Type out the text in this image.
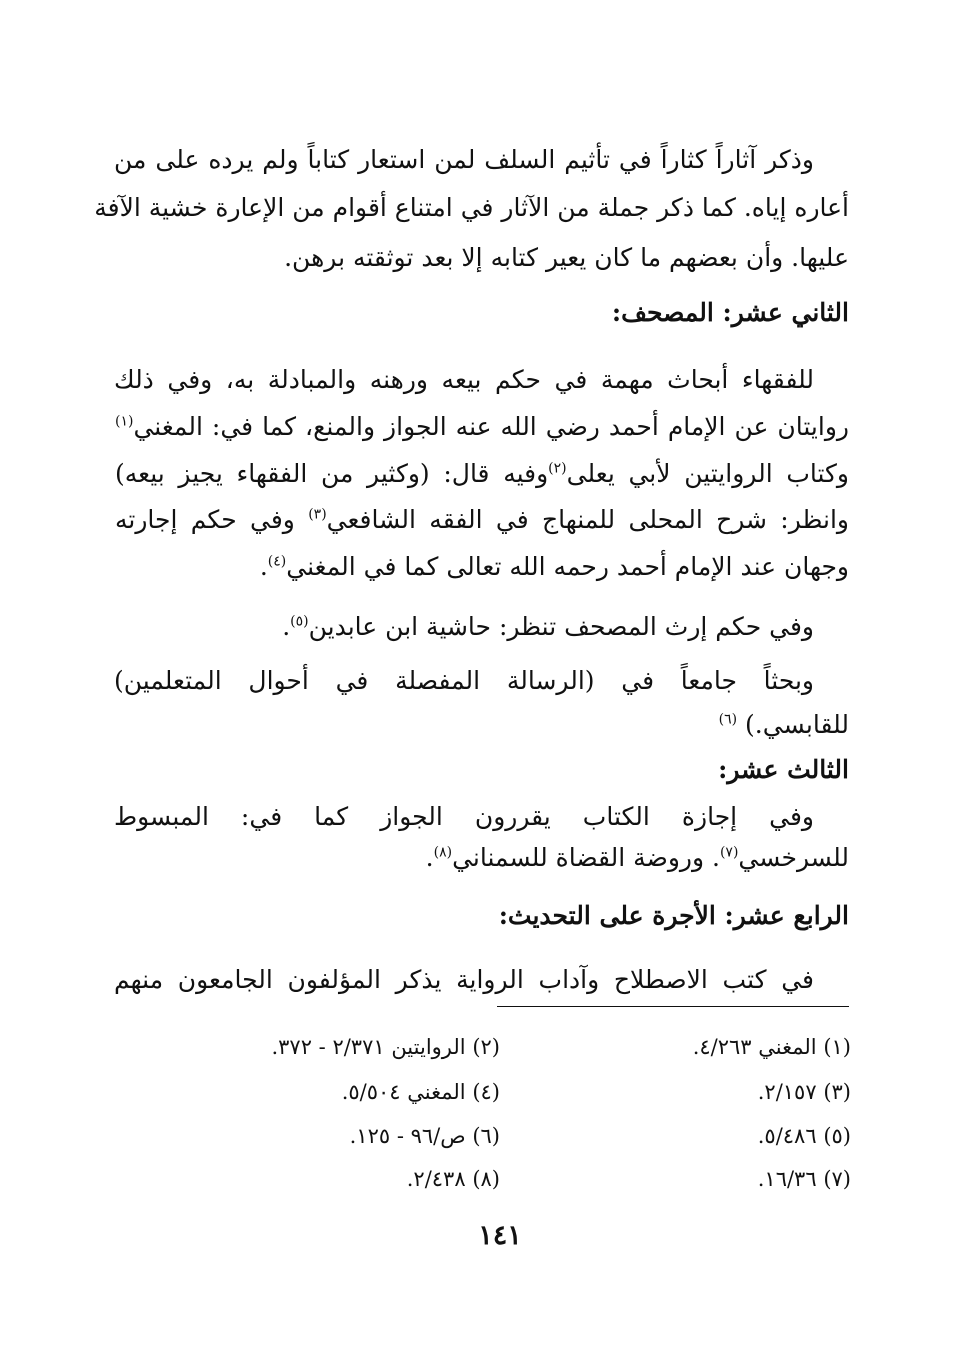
وذكر آثاراً كثاراً في تأثيم السلف لمن استعار كتاباً ولم يرده على من
أعاره إياه. كما ذكر جملة من الآثار في امتناع أقوام من الإعارة خشية الآفة
عليها. وأن بعضهم ما كان يعير كتابه إلا بعد توثقته برهن.
الثاني عشر: المصحف:
للفقهاء أبحاث مهمة في حكم بيعه ورهنه والمبادلة به، وفي ذلك
روايتان عن الإمام أحمد رضي الله عنه الجواز والمنع، كما في: المغني$^{(١)}$
وكتاب الروايتين لأبي يعلى$^{(٢)}$وفيه قال: (وكثير من الفقهاء يجيز بيعه)
وانظر: شرح المحلى للمنهاج في الفقه الشافعي$^{(٣)}$ وفي حكم إجارته
وجهان عند الإمام أحمد رحمه الله تعالى كما في المغني$^{(٤)}$.
وفي حكم إرث المصحف تنظر: حاشية ابن عابدين$^{(٥)}$.
وبحثاً جامعاً في (الرسالة المفصلة في أحوال المتعلمين)
للقابسي.) $^{(٦)}$
الثالث عشر:
وفي إجازة الكتاب يقررون الجواز كما في: المبسوط
للسرخسي$^{(٧)}$. وروضة القضاة للسمناني$^{(٨)}$.
الرابع عشر: الأجرة على التحديث:
في كتب الاصطلاح وآداب الرواية يذكر المؤلفون الجامعون منهم
(١) المغني ٤/٢٦٣.
(٢) الروايتين ٢/٣٧١ - ٣٧٢.
(٣) ٢/١٥٧.
(٤) المغني ٥/٥٠٤.
(٥) ٥/٤٨٦.
(٦) ص/٩٦ - ١٢٥.
(٧) ١٦/٣٦.
(٨) ٢/٤٣٨.
١٤١
